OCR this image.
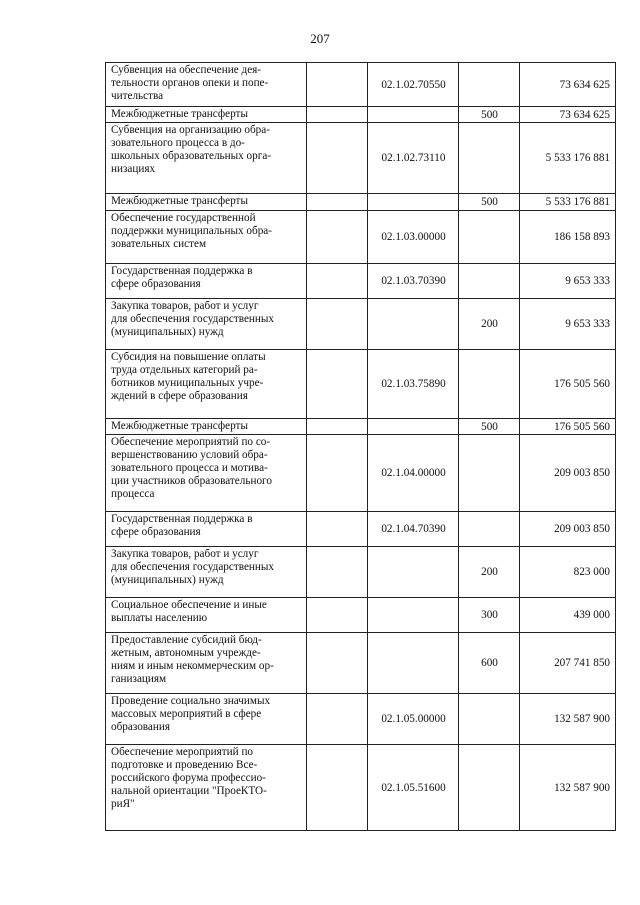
207
Субвенция на обеспечение дея-
тельности органов опеки и попе-
чительства		02.1.02.70550		73 634 625

Межбюджетные трансферты			500	73 634 625

Субвенция на организацию обра-
зовательного процесса в до-
школьных образовательных орга-
низациях		02.1.02.73110		5 533 176 881

Межбюджетные трансферты			500	5 533 176 881

Обеспечение государственной
поддержки муниципальных обра-
зовательных систем		02.1.03.00000		186 158 893

Государственная поддержка в
сфере образования		02.1.03.70390		9 653 333

Закупка товаров, работ и услуг
для обеспечения государственных
(муниципальных) нужд			200	9 653 333

Субсидия на повышение оплаты
труда отдельных категорий ра-
ботников муниципальных учре-
ждений в сфере образования		02.1.03.75890		176 505 560

Межбюджетные трансферты			500	176 505 560

Обеспечение мероприятий по со-
вершенствованию условий обра-
зовательного процесса и мотива-
ции участников образовательного
процесса		02.1.04.00000		209 003 850

Государственная поддержка в
сфере образования		02.1.04.70390		209 003 850

Закупка товаров, работ и услуг
для обеспечения государственных
(муниципальных) нужд			200	823 000

Социальное обеспечение и иные
выплаты населению			300	439 000

Предоставление субсидий бюд-
жетным, автономным учрежде-
ниям и иным некоммерческим ор-
ганизациям			600	207 741 850

Проведение социально значимых
массовых мероприятий в сфере
образования		02.1.05.00000		132 587 900

Обеспечение мероприятий по
подготовке и проведению Все-
российского форума профессио-
нальной ориентации "ПроеКТО-
риЯ"		02.1.05.51600		132 587 900
